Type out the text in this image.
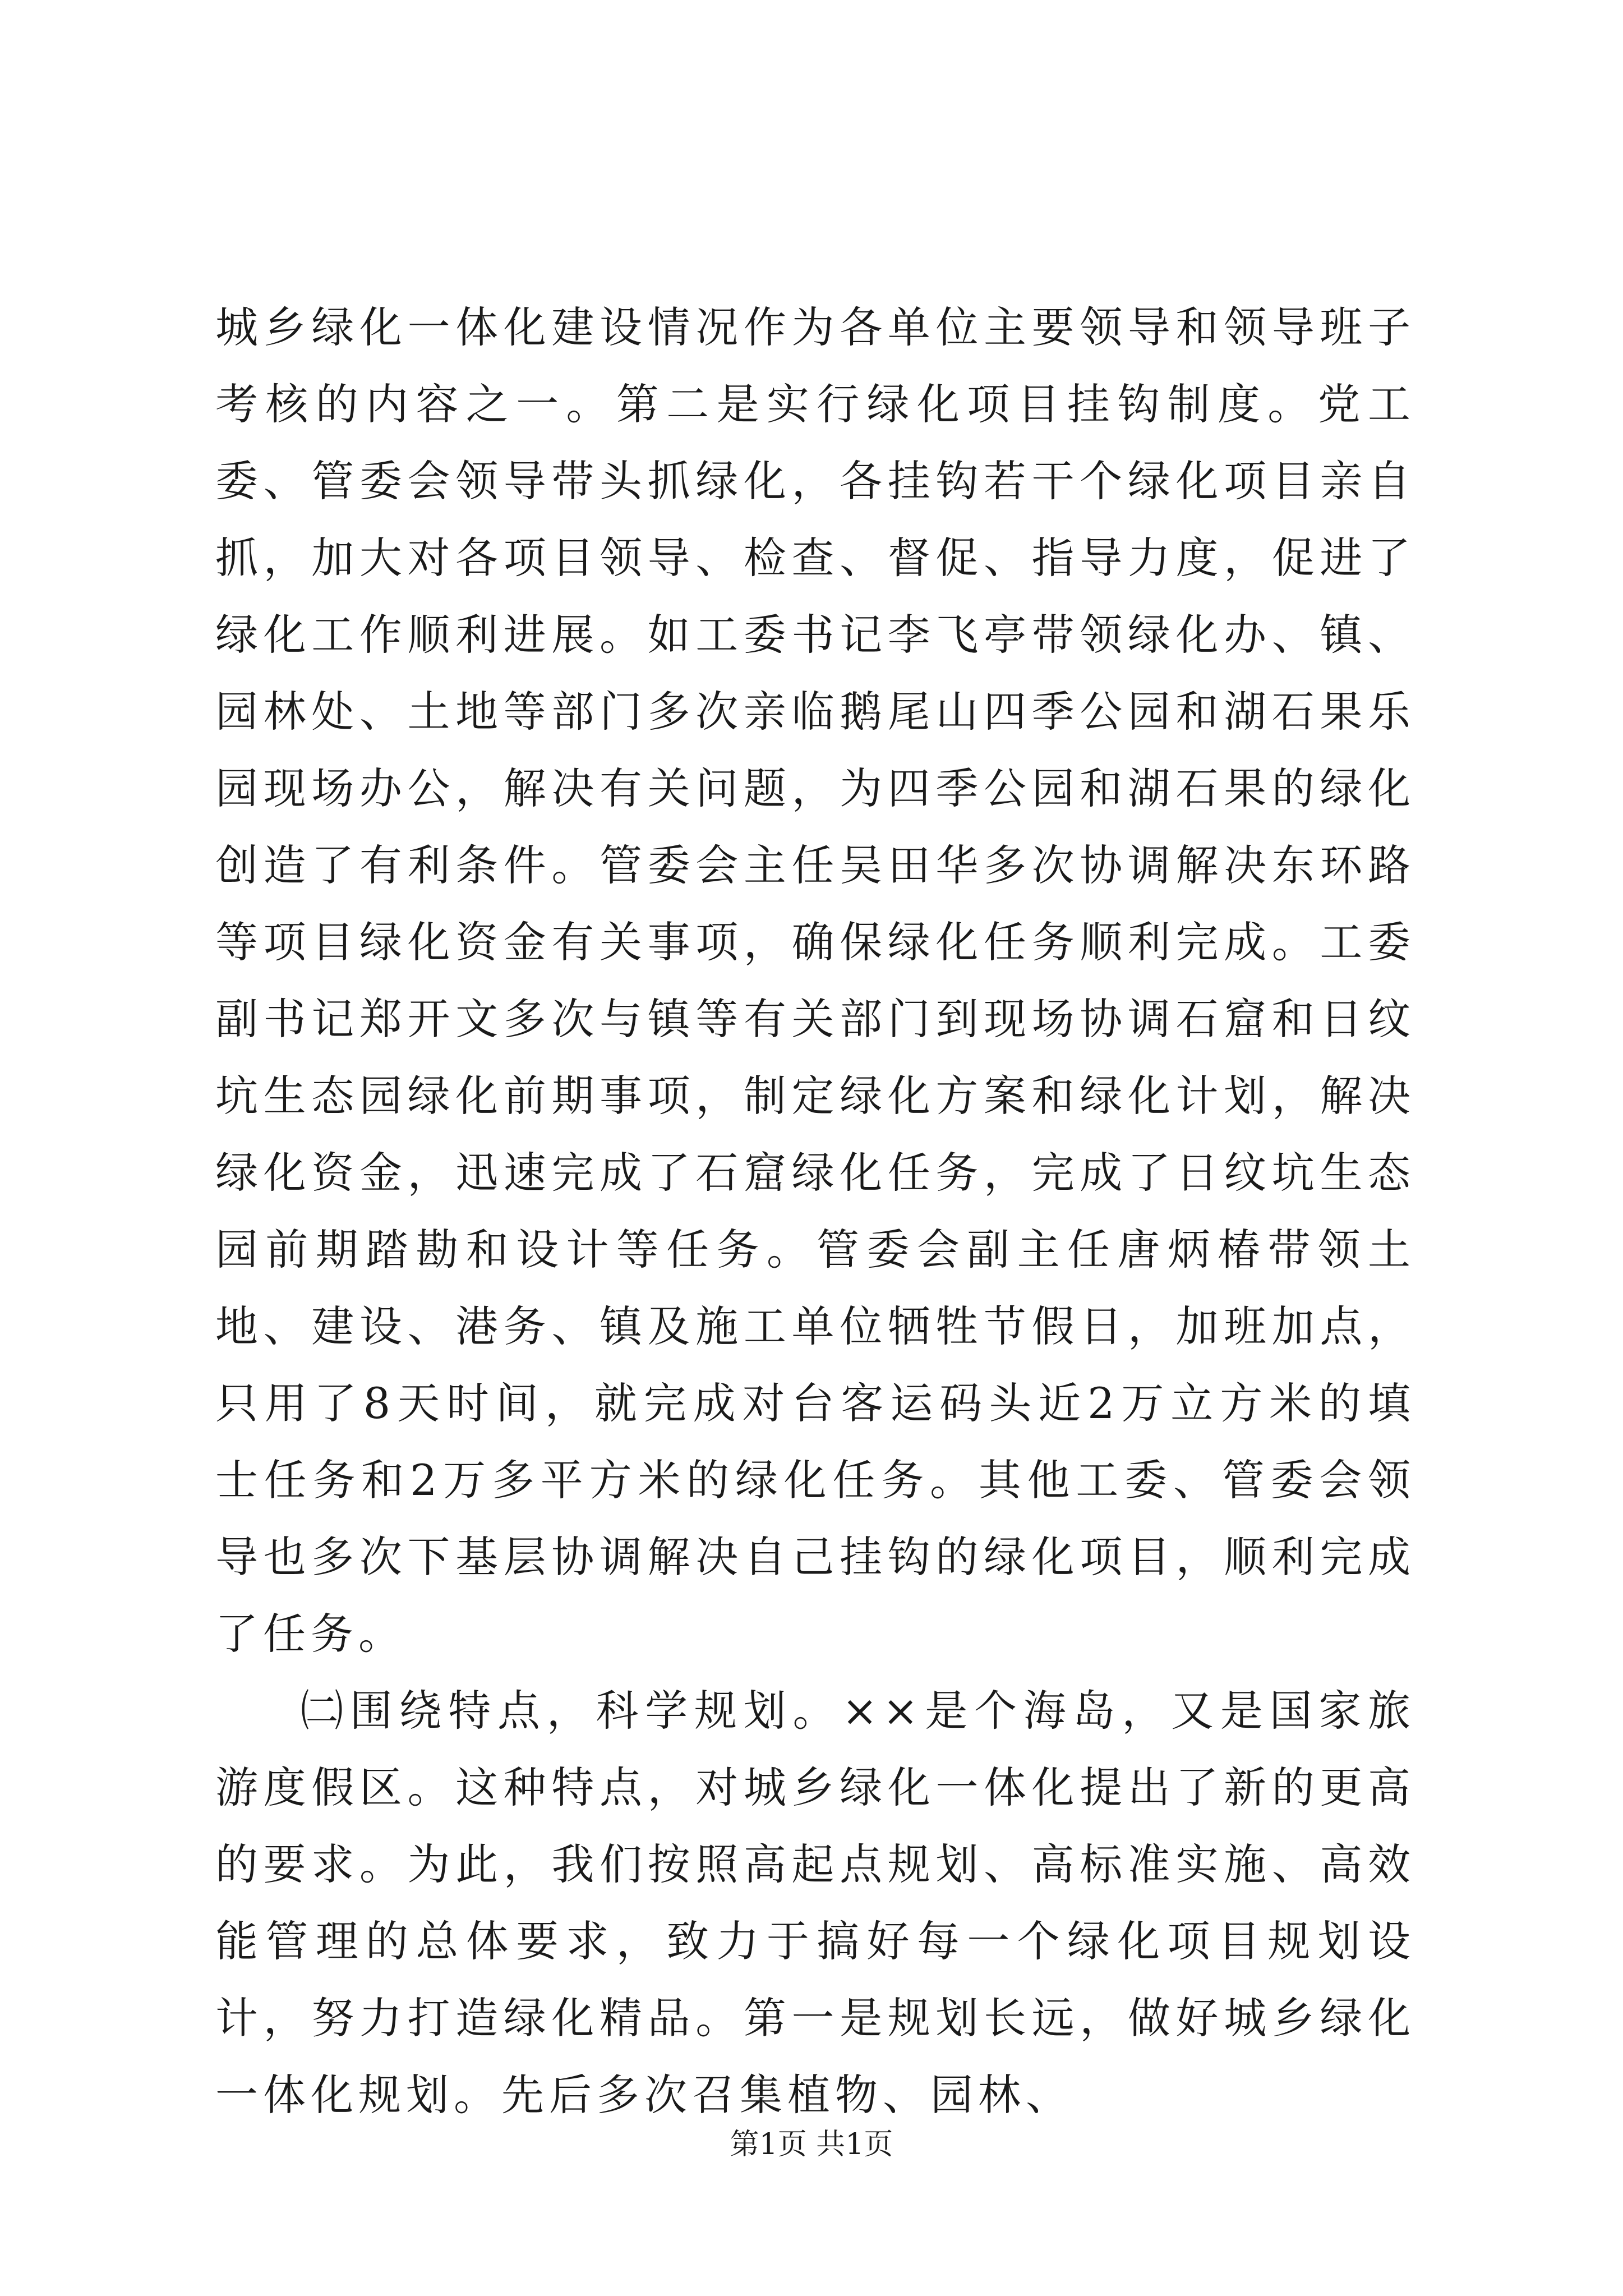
城乡绿化一体化建设情况作为各单位主要领导和领导班子考核的内容之一。第二是实行绿化项目挂钩制度。党工委、管委会领导带头抓绿化，各挂钩若干个绿化项目亲自抓，加大对各项目领导、检查、督促、指导力度，促进了绿化工作顺利进展。如工委书记李飞亭带领绿化办、镇、园林处、土地等部门多次亲临鹅尾山四季公园和湖石果乐园现场办公，解决有关问题，为四季公园和湖石果的绿化创造了有利条件。管委会主任吴田华多次协调解决东环路等项目绿化资金有关事项，确保绿化任务顺利完成。工委副书记郑开文多次与镇等有关部门到现场协调石窟和日纹坑生态园绿化前期事项，制定绿化方案和绿化计划，解决绿化资金，迅速完成了石窟绿化任务，完成了日纹坑生态园前期踏勘和设计等任务。管委会副主任唐炳椿带领土地、建设、港务、镇及施工单位牺牲节假日，加班加点，只用了8天时间，就完成对台客运码头近2万立方米的填士任务和2万多平方米的绿化任务。其他工委、管委会领导也多次下基层协调解决自己挂钩的绿化项目，顺利完成了任务。

㈡围绕特点，科学规划。××是个海岛，又是国家旅游度假区。这种特点，对城乡绿化一体化提出了新的更高的要求。为此，我们按照高起点规划、高标准实施、高效能管理的总体要求，致力于搞好每一个绿化项目规划设计，努力打造绿化精品。第一是规划长远，做好城乡绿化一体化规划。先后多次召集植物、园林、

第1页 共1页
